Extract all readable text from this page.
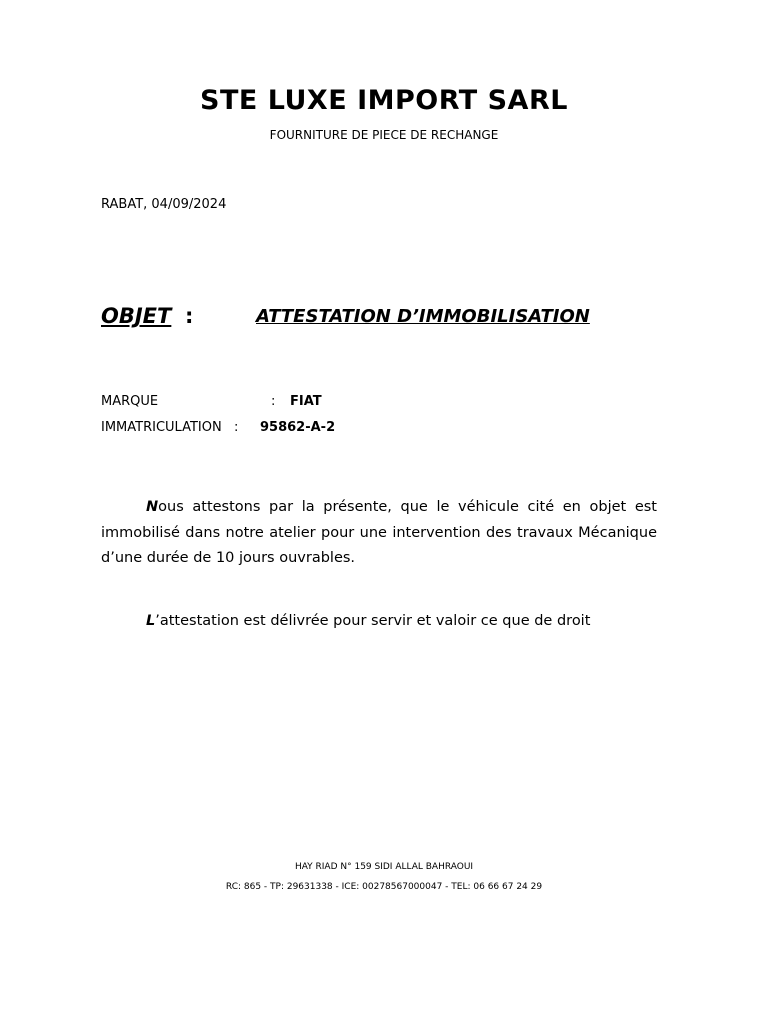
STE LUXE IMPORT SARL
FOURNITURE DE PIECE DE RECHANGE
RABAT, 04/09/2024
OBJET :	ATTESTATION D’IMMOBILISATION
MARQUE	: FIAT
IMMATRICULATION : 95862-A-2

Nous attestons par la présente, que le véhicule cité en objet est immobilisé dans notre atelier pour une intervention des travaux Mécanique d’une durée de 10 jours ouvrables.

L’attestation est délivrée pour servir et valoir ce que de droit

HAY RIAD N° 159 SIDI ALLAL BAHRAOUI
RC: 865 - TP: 29631338 - ICE: 00278567000047 - TEL: 06 66 67 24 29
